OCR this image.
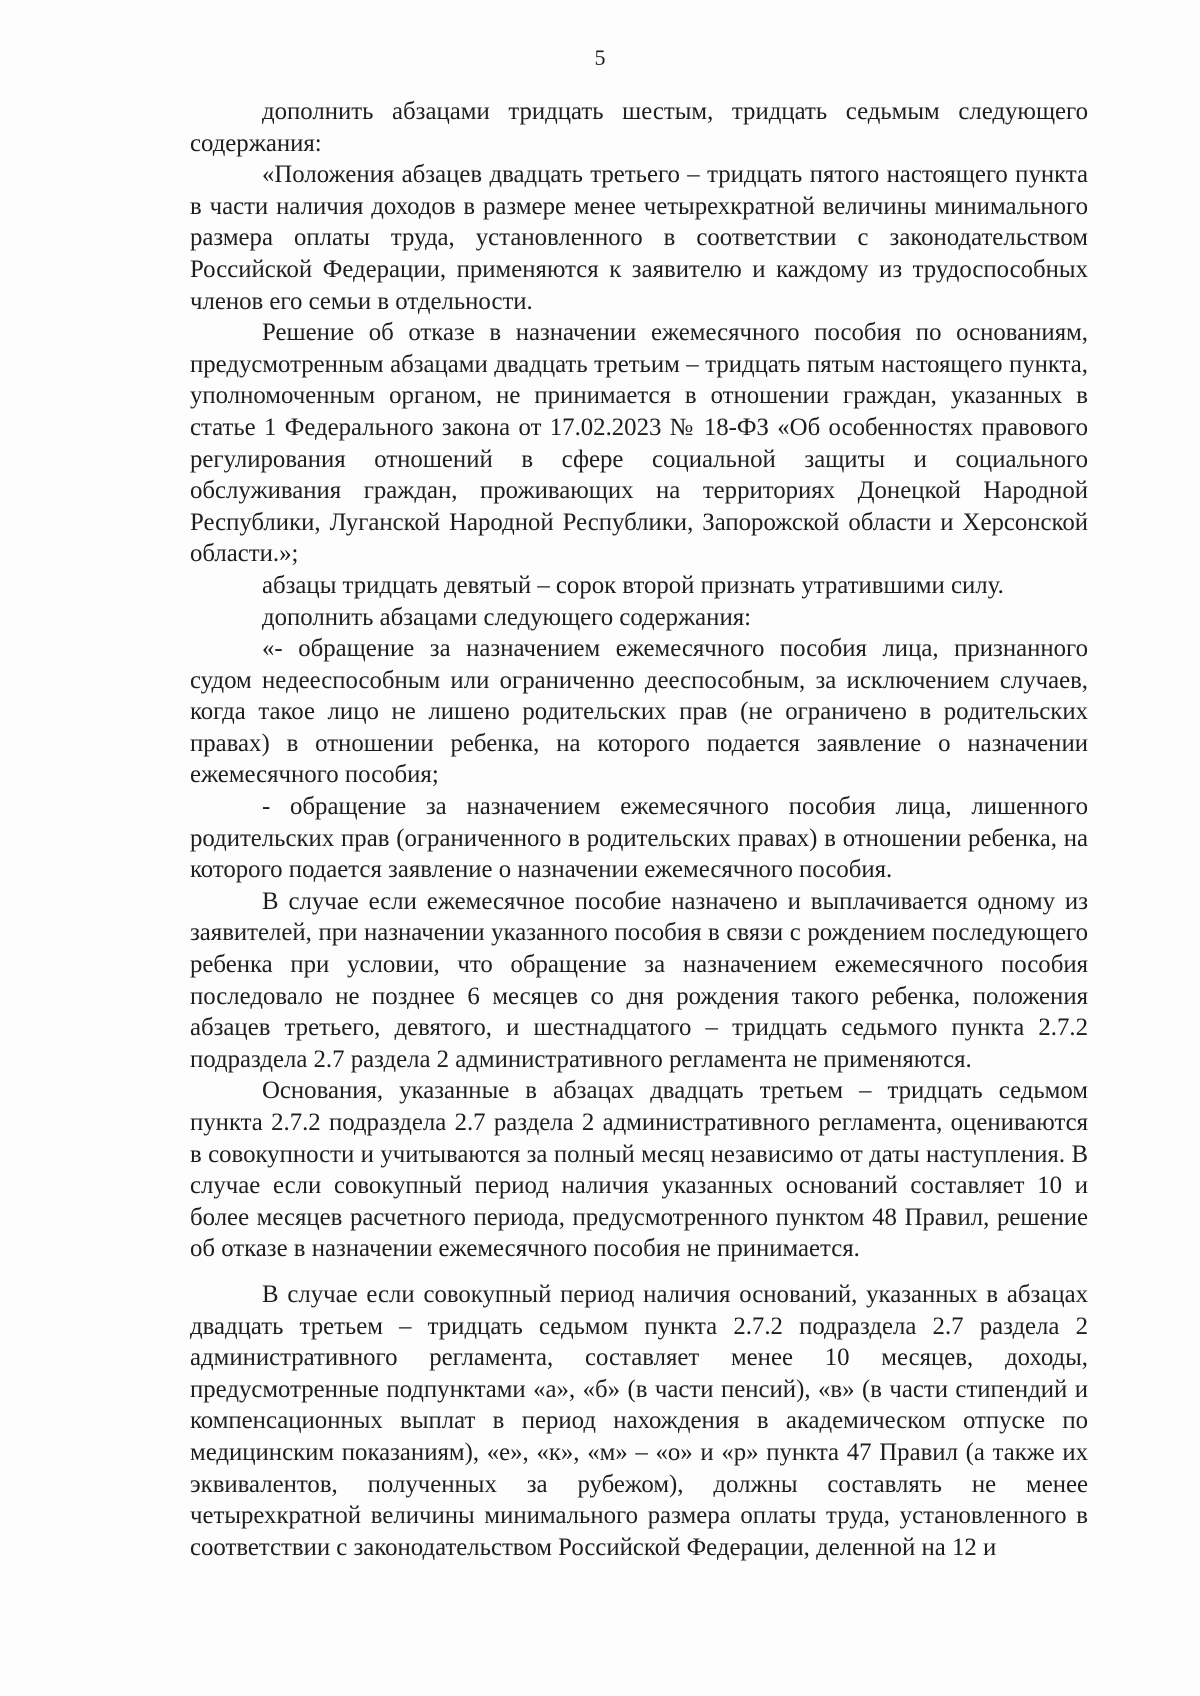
5

дополнить абзацами тридцать шестым, тридцать седьмым следующего содержания:

«Положения абзацев двадцать третьего – тридцать пятого настоящего пункта в части наличия доходов в размере менее четырехкратной величины минимального размера оплаты труда, установленного в соответствии с законодательством Российской Федерации, применяются к заявителю и каждому из трудоспособных членов его семьи в отдельности.

Решение об отказе в назначении ежемесячного пособия по основаниям, предусмотренным абзацами двадцать третьим – тридцать пятым настоящего пункта, уполномоченным органом, не принимается в отношении граждан, указанных в статье 1 Федерального закона от 17.02.2023 № 18-ФЗ «Об особенностях правового регулирования отношений в сфере социальной защиты и социального обслуживания граждан, проживающих на территориях Донецкой Народной Республики, Луганской Народной Республики, Запорожской области и Херсонской области.»;

абзацы тридцать девятый – сорок второй признать утратившими силу.

дополнить абзацами следующего содержания:

«- обращение за назначением ежемесячного пособия лица, признанного судом недееспособным или ограниченно дееспособным, за исключением случаев, когда такое лицо не лишено родительских прав (не ограничено в родительских правах) в отношении ребенка, на которого подается заявление о назначении ежемесячного пособия;

- обращение за назначением ежемесячного пособия лица, лишенного родительских прав (ограниченного в родительских правах) в отношении ребенка, на которого подается заявление о назначении ежемесячного пособия.

В случае если ежемесячное пособие назначено и выплачивается одному из заявителей, при назначении указанного пособия в связи с рождением последующего ребенка при условии, что обращение за назначением ежемесячного пособия последовало не позднее 6 месяцев со дня рождения такого ребенка, положения абзацев третьего, девятого, и шестнадцатого – тридцать седьмого пункта 2.7.2 подраздела 2.7 раздела 2 административного регламента не применяются.

Основания, указанные в абзацах двадцать третьем – тридцать седьмом пункта 2.7.2 подраздела 2.7 раздела 2 административного регламента, оцениваются в совокупности и учитываются за полный месяц независимо от даты наступления. В случае если совокупный период наличия указанных оснований составляет 10 и более месяцев расчетного периода, предусмотренного пунктом 48 Правил, решение об отказе в назначении ежемесячного пособия не принимается.

В случае если совокупный период наличия оснований, указанных в абзацах двадцать третьем – тридцать седьмом пункта 2.7.2 подраздела 2.7 раздела 2 административного регламента, составляет менее 10 месяцев, доходы, предусмотренные подпунктами «а», «б» (в части пенсий), «в» (в части стипендий и компенсационных выплат в период нахождения в академическом отпуске по медицинским показаниям), «е», «к», «м» – «о» и «р» пункта 47 Правил (а также их эквивалентов, полученных за рубежом), должны составлять не менее четырехкратной величины минимального размера оплаты труда, установленного в соответствии с законодательством Российской Федерации, деленной на 12 и
